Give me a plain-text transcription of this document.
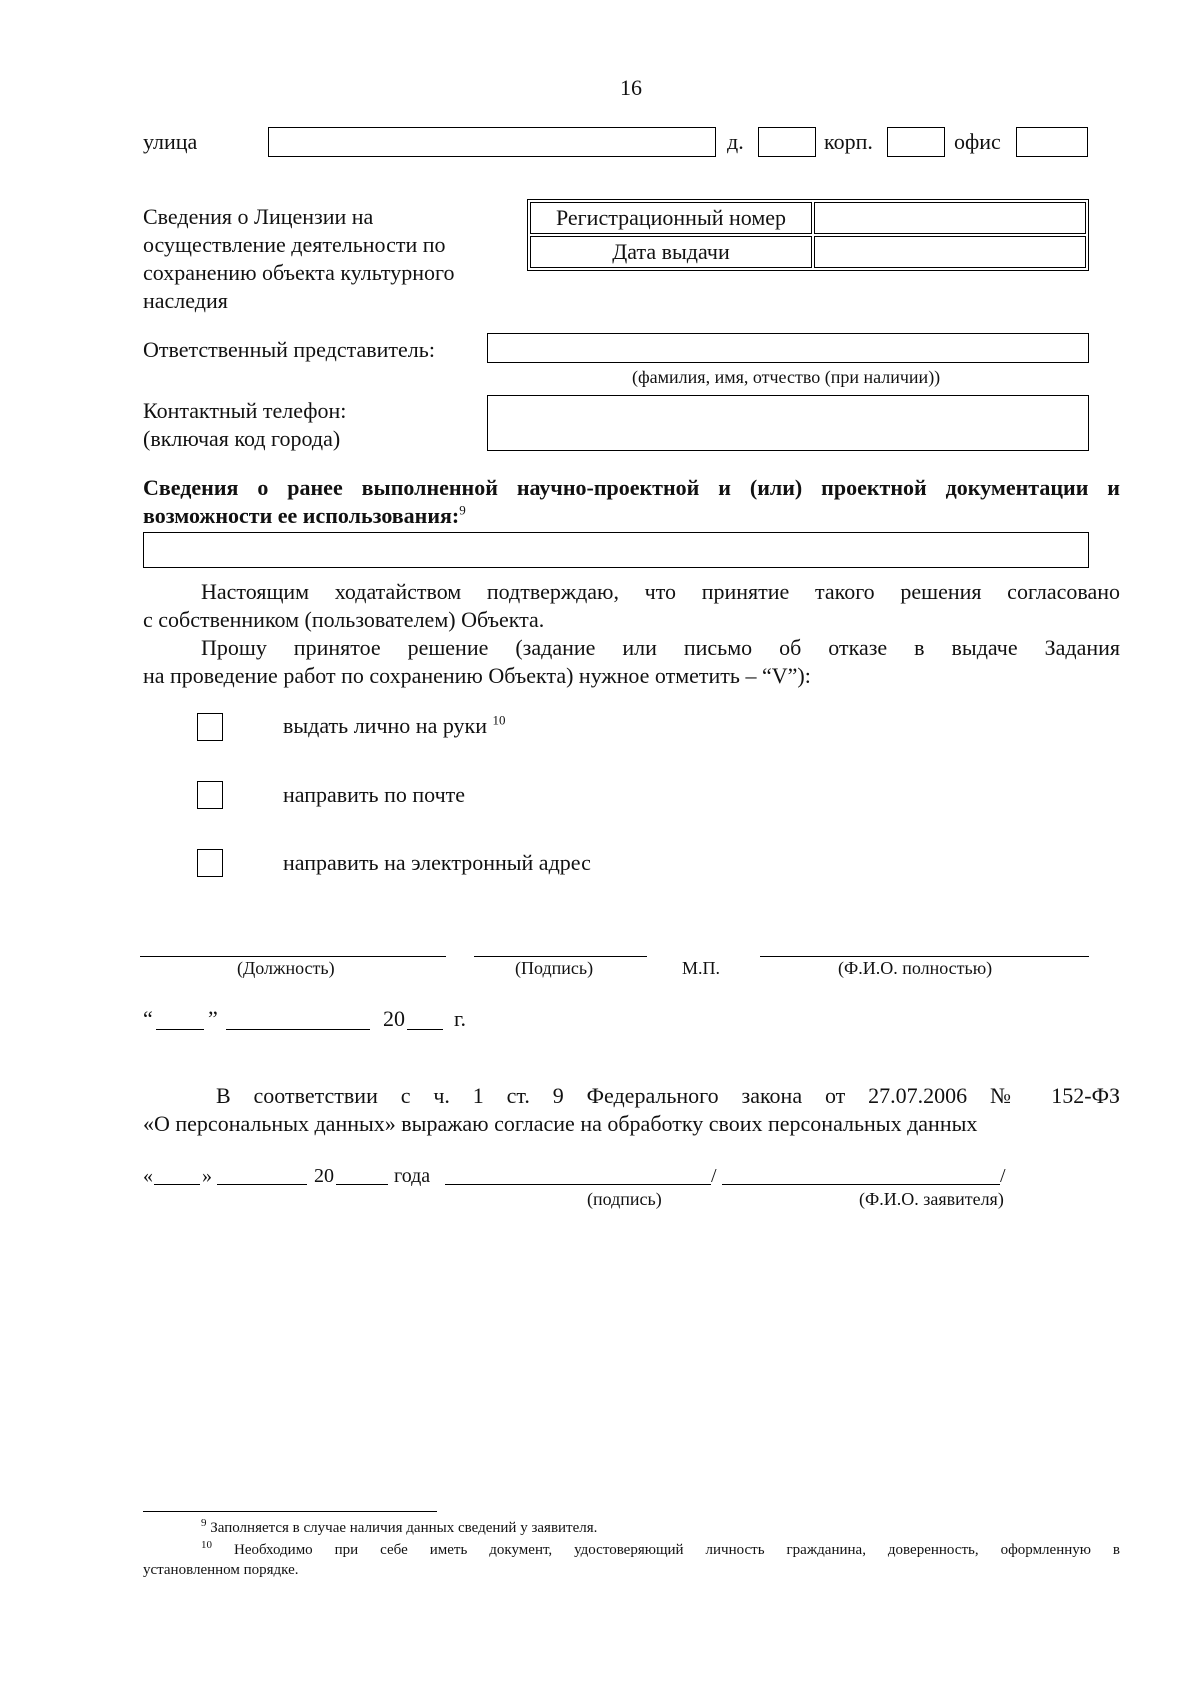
16
улица	д.	корп.	офис
Сведения о Лицензии на осуществление деятельности по сохранению объекта культурного наследия
Регистрационный номер	
Дата выдачи	
Ответственный представитель:
(фамилия, имя, отчество (при наличии))
Контактный телефон:
(включая код города)
Сведения о ранее выполненной научно-проектной и (или) проектной документации и
возможности ее использования:$^9$
Настоящим ходатайством подтверждаю, что принятие такого решения согласовано
с собственником (пользователем) Объекта.
Прошу принятое решение (задание или письмо об отказе в выдаче Задания
на проведение работ по сохранению Объекта) нужное отметить – “V”):
выдать лично на руки $^{10}$
направить по почте
направить на электронный адрес
(Должность)	(Подпись)	М.П.	(Ф.И.О. полностью)
“	”	20 г.
В соответствии с ч. 1 ст. 9 Федерального закона от 27.07.2006 № 152-ФЗ
«О персональных данных» выражаю согласие на обработку своих персональных данных
« »	20	года	/	/
(подпись)	(Ф.И.О. заявителя)
$^9$ Заполняется в случае наличия данных сведений у заявителя.
$^{10}$ Необходимо при себе иметь документ, удостоверяющий личность гражданина, доверенность, оформленную в
установленном порядке.
